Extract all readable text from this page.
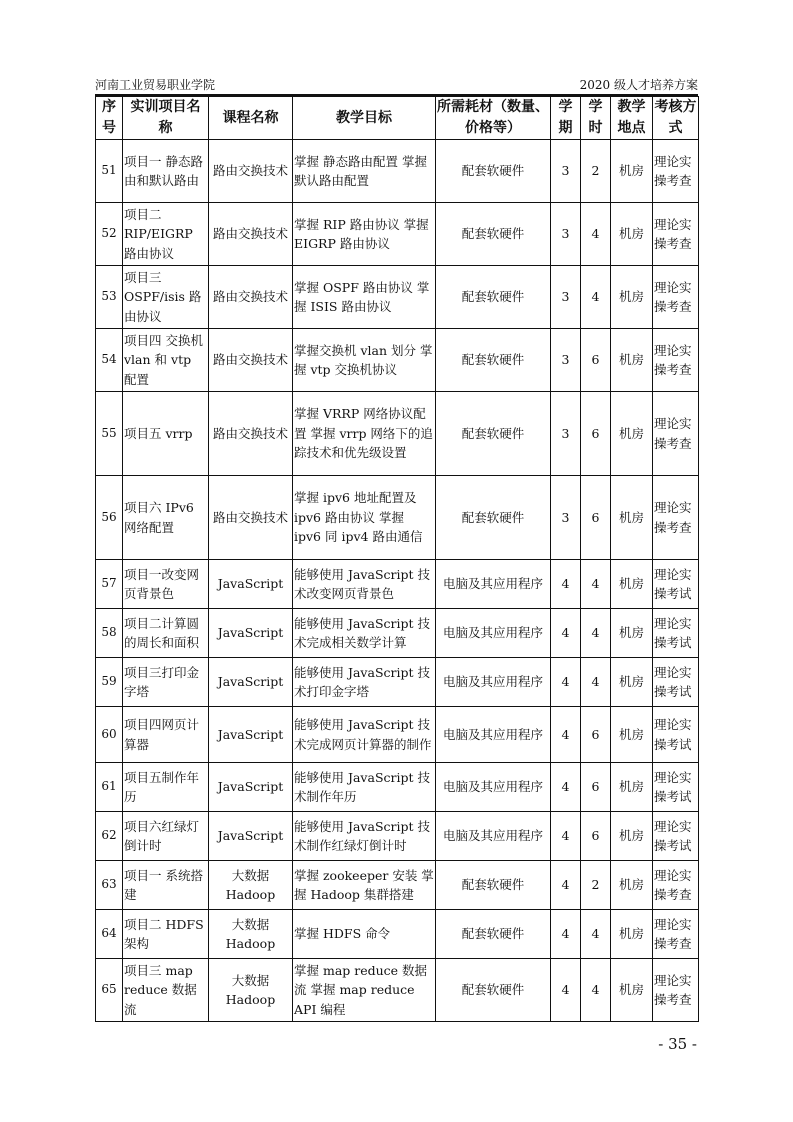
河南工业贸易职业学院	2020 级人才培养方案
序号	实训项目名称	课程名称	教学目标	所需耗材（数量、价格等）	学期	学时	教学地点	考核方式
51	项目一 静态路由和默认路由	路由交换技术	掌握 静态路由配置 掌握 默认路由配置	配套软硬件	3	2	机房	理论实操考查
52	项目二 RIP/EIGRP 路由协议	路由交换技术	掌握 RIP 路由协议 掌握 EIGRP 路由协议	配套软硬件	3	4	机房	理论实操考查
53	项目三 OSPF/isis 路由协议	路由交换技术	掌握 OSPF 路由协议 掌握 ISIS 路由协议	配套软硬件	3	4	机房	理论实操考查
54	项目四 交换机 vlan 和 vtp 配置	路由交换技术	掌握交换机 vlan 划分 掌握 vtp 交换机协议	配套软硬件	3	6	机房	理论实操考查
55	项目五 vrrp	路由交换技术	掌握 VRRP 网络协议配置 掌握 vrrp 网络下的追踪技术和优先级设置	配套软硬件	3	6	机房	理论实操考查
56	项目六 IPv6 网络配置	路由交换技术	掌握 ipv6 地址配置及 ipv6 路由协议 掌握 ipv6 同 ipv4 路由通信	配套软硬件	3	6	机房	理论实操考查
57	项目一改变网页背景色	JavaScript	能够使用 JavaScript 技术改变网页背景色	电脑及其应用程序	4	4	机房	理论实操考试
58	项目二计算圆的周长和面积	JavaScript	能够使用 JavaScript 技术完成相关数学计算	电脑及其应用程序	4	4	机房	理论实操考试
59	项目三打印金字塔	JavaScript	能够使用 JavaScript 技术打印金字塔	电脑及其应用程序	4	4	机房	理论实操考试
60	项目四网页计算器	JavaScript	能够使用 JavaScript 技术完成网页计算器的制作	电脑及其应用程序	4	6	机房	理论实操考试
61	项目五制作年历	JavaScript	能够使用 JavaScript 技术制作年历	电脑及其应用程序	4	6	机房	理论实操考试
62	项目六红绿灯倒计时	JavaScript	能够使用 JavaScript 技术制作红绿灯倒计时	电脑及其应用程序	4	6	机房	理论实操考试
63	项目一 系统搭建	大数据 Hadoop	掌握 zookeeper 安装 掌握 Hadoop 集群搭建	配套软硬件	4	2	机房	理论实操考查
64	项目二 HDFS 架构	大数据 Hadoop	掌握 HDFS 命令	配套软硬件	4	4	机房	理论实操考查
65	项目三 map reduce 数据流	大数据 Hadoop	掌握 map reduce 数据流 掌握 map reduce API 编程	配套软硬件	4	4	机房	理论实操考查
- 35 -
